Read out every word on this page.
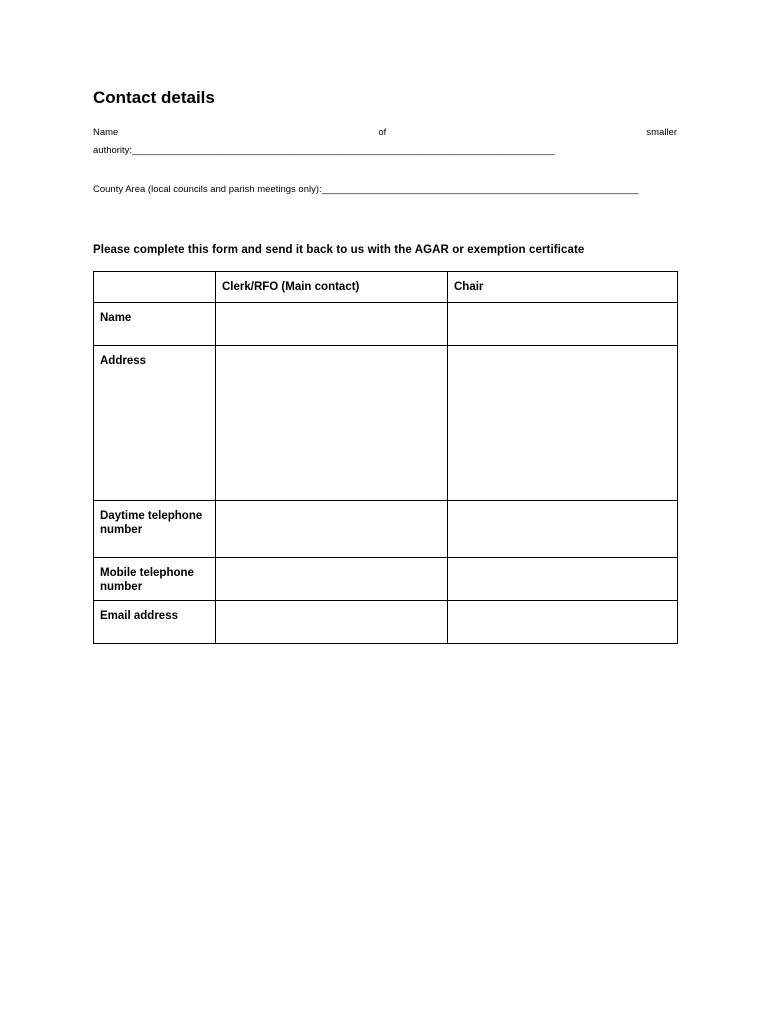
Contact details
Name	of	smaller
authority:________________________________________________________________________________
County Area (local councils and parish meetings only):____________________________________________________________
Please complete this form and send it back to us with the AGAR or exemption certificate
	Clerk/RFO (Main contact)	Chair

Name		

Address		

Daytime telephone number		

Mobile telephone number		

Email address		
